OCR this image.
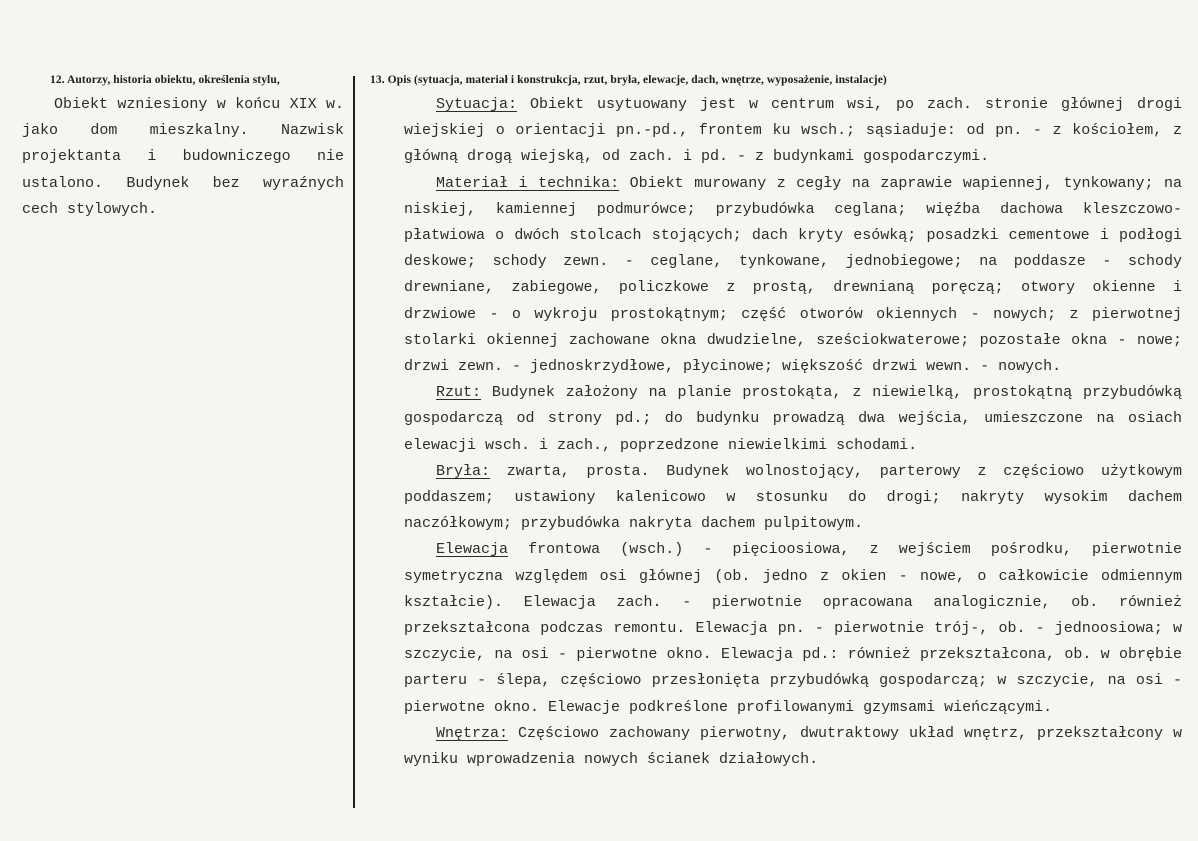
12. Autorzy, historia obiektu, określenia stylu,

Obiekt wzniesiony w końcu XIX w. jako dom mieszkalny. Nazwisk projektanta i budowniczego nie ustalono. Budynek bez wyraźnych cech stylowych.

13. Opis (sytuacja, materiał i konstrukcja, rzut, bryła, elewacje, dach, wnętrze, wyposażenie, instalacje)

Sytuacja: Obiekt usytuowany jest w centrum wsi, po zach. stronie głównej drogi wiejskiej o orientacji pn.-pd., frontem ku wsch.; sąsiaduje: od pn. - z kościołem, z główną drogą wiejską, od zach. i pd. - z budynkami gospodarczymi.

Materiał i technika: Obiekt murowany z cegły na zaprawie wapiennej, tynkowany; na niskiej, kamiennej podmurówce; przybudówka ceglana; więźba dachowa kleszczowo-płatwiowa o dwóch stolcach stojących; dach kryty esówką; posadzki cementowe i podłogi deskowe; schody zewn. - ceglane, tynkowane, jednobiegowe; na poddasze - schody drewniane, zabiegowe, policzkowe z prostą, drewnianą poręczą; otwory okienne i drzwiowe - o wykroju prostokątnym; część otworów okiennych - nowych; z pierwotnej stolarki okiennej zachowane okna dwudzielne, sześciokwaterowe; pozostałe okna - nowe; drzwi zewn. - jednoskrzydłowe, płycinowe; większość drzwi wewn. - nowych.

Rzut: Budynek założony na planie prostokąta, z niewielką, prostokątną przybudówką gospodarczą od strony pd.; do budynku prowadzą dwa wejścia, umieszczone na osiach elewacji wsch. i zach., poprzedzone niewielkimi schodami.

Bryła: zwarta, prosta. Budynek wolnostojący, parterowy z częściowo użytkowym poddaszem; ustawiony kalenicowo w stosunku do drogi; nakryty wysokim dachem naczółkowym; przybudówka nakryta dachem pulpitowym.

Elewacja frontowa (wsch.) - pięcioosiowa, z wejściem pośrodku, pierwotnie symetryczna względem osi głównej (ob. jedno z okien - nowe, o całkowicie odmiennym kształcie). Elewacja zach. - pierwotnie opracowana analogicznie, ob. również przekształcona podczas remontu. Elewacja pn. - pierwotnie trój-, ob. - jednoosiowa; w szczycie, na osi - pierwotne okno. Elewacja pd.: również przekształcona, ob. w obrębie parteru - ślepa, częściowo przesłonięta przybudówką gospodarczą; w szczycie, na osi - pierwotne okno. Elewacje podkreślone profilowanymi gzymsami wieńczącymi.

Wnętrza: Częściowo zachowany pierwotny, dwutraktowy układ wnętrz, przekształcony w wyniku wprowadzenia nowych ścianek działowych.
